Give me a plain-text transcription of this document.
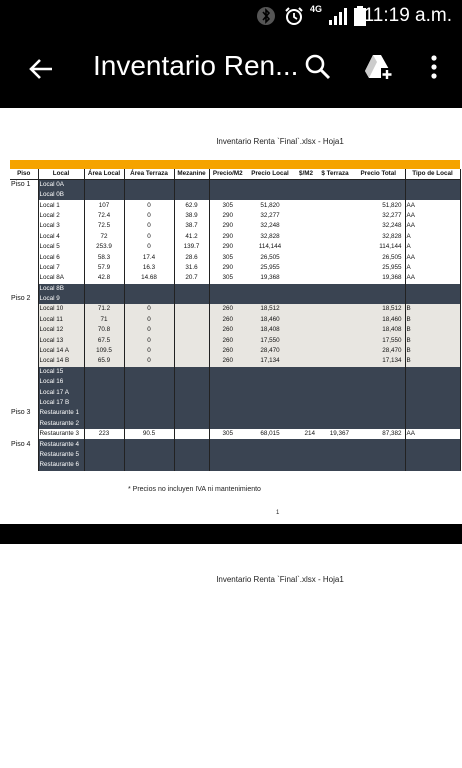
4G 11:19 a.m.
Inventario Ren...
Inventario Renta `Final`.xlsx - Hoja1
Piso	Local	Área Local	Área Terraza	Mezanine	Precio/M2	Precio Local	$/M2	$ Terraza	Precio Total	Tipo de Local
Piso 1	Local 0A									
	Local 0B									
	Local 1	107	0	62.9	305	51,820			51,820	AA
	Local 2	72.4	0	38.9	290	32,277			32,277	AA
	Local 3	72.5	0	38.7	290	32,248			32,248	AA
	Local 4	72	0	41.2	290	32,828			32,828	A
	Local 5	253.9	0	139.7	290	114,144			114,144	A
	Local 6	58.3	17.4	28.6	305	26,505			26,505	AA
	Local 7	57.9	16.3	31.6	290	25,955			25,955	A
	Local 8A	42.8	14.68	20.7	305	19,368			19,368	AA
	Local 8B									
Piso 2	Local 9									
	Local 10	71.2	0		260	18,512			18,512	B
	Local 11	71	0		260	18,460			18,460	B
	Local 12	70.8	0		260	18,408			18,408	B
	Local 13	67.5	0		260	17,550			17,550	B
	Local 14 A	109.5	0		260	28,470			28,470	B
	Local 14 B	65.9	0		260	17,134			17,134	B
	Local 15									
	Local 16									
	Local 17 A									
	Local 17 B									
Piso 3	Restaurante 1									
	Restaurante 2									
	Restaurante 3	223	90.5		305	68,015	214	19,367	87,382	AA
Piso 4	Restaurante 4									
	Restaurante 5									
	Restaurante 6									
* Precios no incluyen IVA ni mantenimiento
1
Inventario Renta `Final`.xlsx - Hoja1
